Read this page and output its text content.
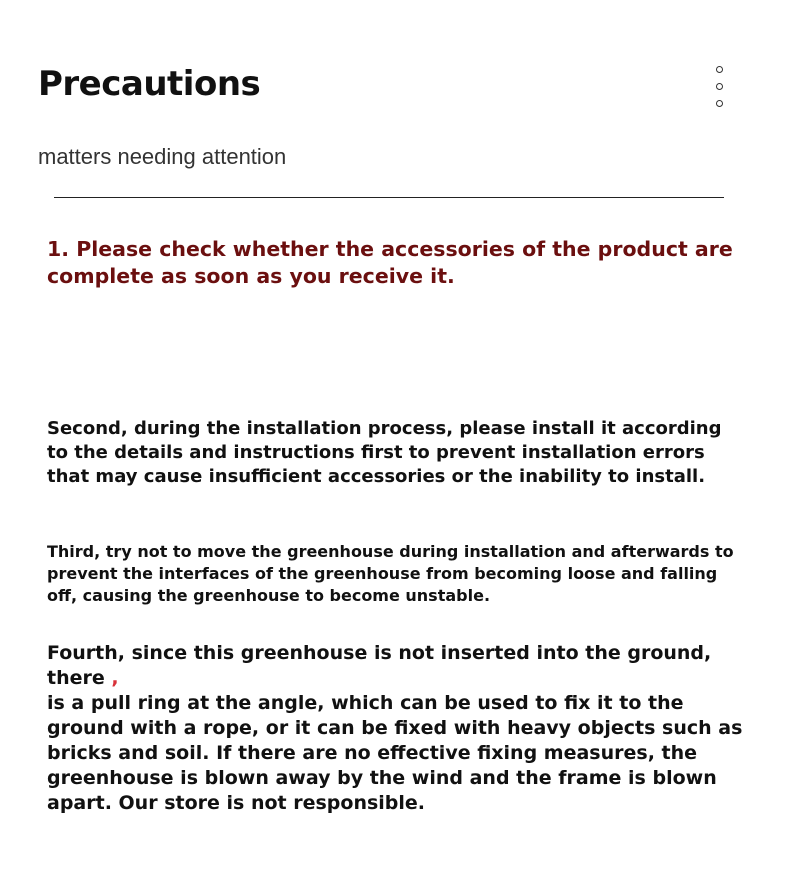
Precautions

matters needing attention

1. Please check whether the accessories of the product are complete as soon as you receive it.

Second, during the installation process, please install it according to the details and instructions first to prevent installation errors that may cause insufficient accessories or the inability to install.

Third, try not to move the greenhouse during installation and afterwards to prevent the interfaces of the greenhouse from becoming loose and falling off, causing the greenhouse to become unstable.

Fourth, since this greenhouse is not inserted into the ground, there ,
is a pull ring at the angle, which can be used to fix it to the ground with a rope, or it can be fixed with heavy objects such as bricks and soil. If there are no effective fixing measures, the greenhouse is blown away by the wind and the frame is blown apart. Our store is not responsible.
